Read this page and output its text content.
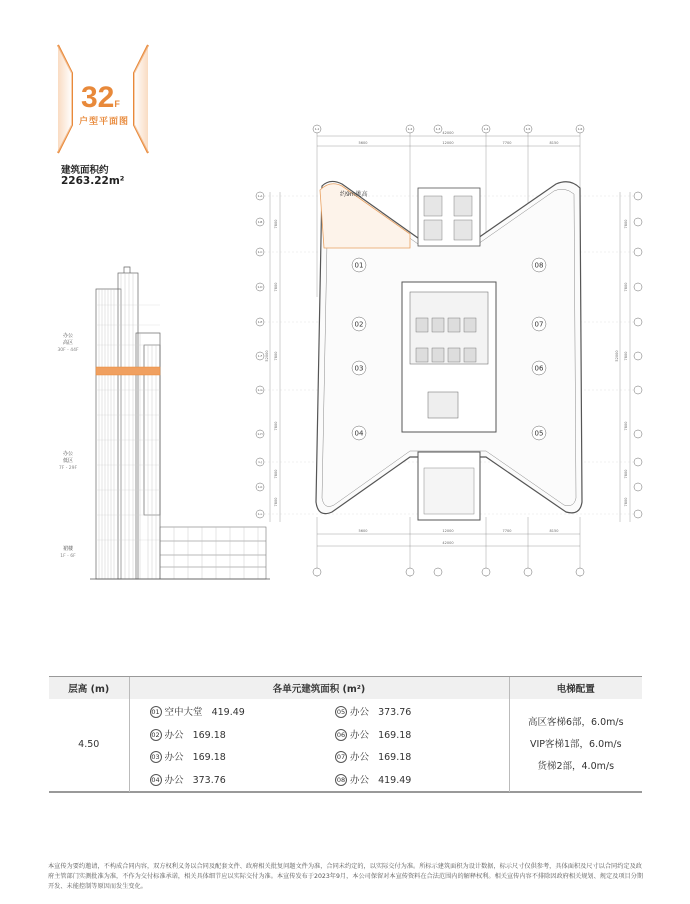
32F
户型平面图
建筑面积约
2263.22m²
办公
高区
30F - 44F
办公
低区
7F - 29F
裙楼
1F - 6F
01
02
03
04	05
06
07
08
约9m挑高
5600	12000	7700	8150
42000
5600	12000	7700	8150
42000
7800
7800
7800
7800
7800
7800
52000
7800
7800
7800
7800
7800
7800
52000
1-1	1-2	1-3	1-4	1-5	1-6
1-A
1-B
1-C
1-D
1-E
1-F
1-G
1-H
1-J
1-K
1-L
层高 (m)	各单元建筑面积 (m²)		电梯配置
4.50	01 空中大堂 419.49	05 办公 373.76	高区客梯6部，6.0m/s
VIP客梯1部，6.0m/s
货梯2部，4.0m/s

	02 办公 169.18	06 办公 169.18	
	03 办公 169.18	07 办公 169.18	
	04 办公 373.76	08 办公 419.49	
本宣传为要约邀请，不构成合同内容，双方权利义务以合同及配套文件、政府相关批复问题文件为准，合同未约定的，以实际交付为准。所标示建筑面积为设计数据，标示尺寸仅供参考，具体面积及尺寸以合同约定及政府主管部门实测批准为准，不作为交付标准承诺，相关具体细节应以实际交付为准。本宣传发布于2023年9月，本公司保留对本宣传资料在合法范围内的解释权利。相关宣传内容不排除因政府相关规划、规定及项目分期开发、未能控制等原因而发生变化。
